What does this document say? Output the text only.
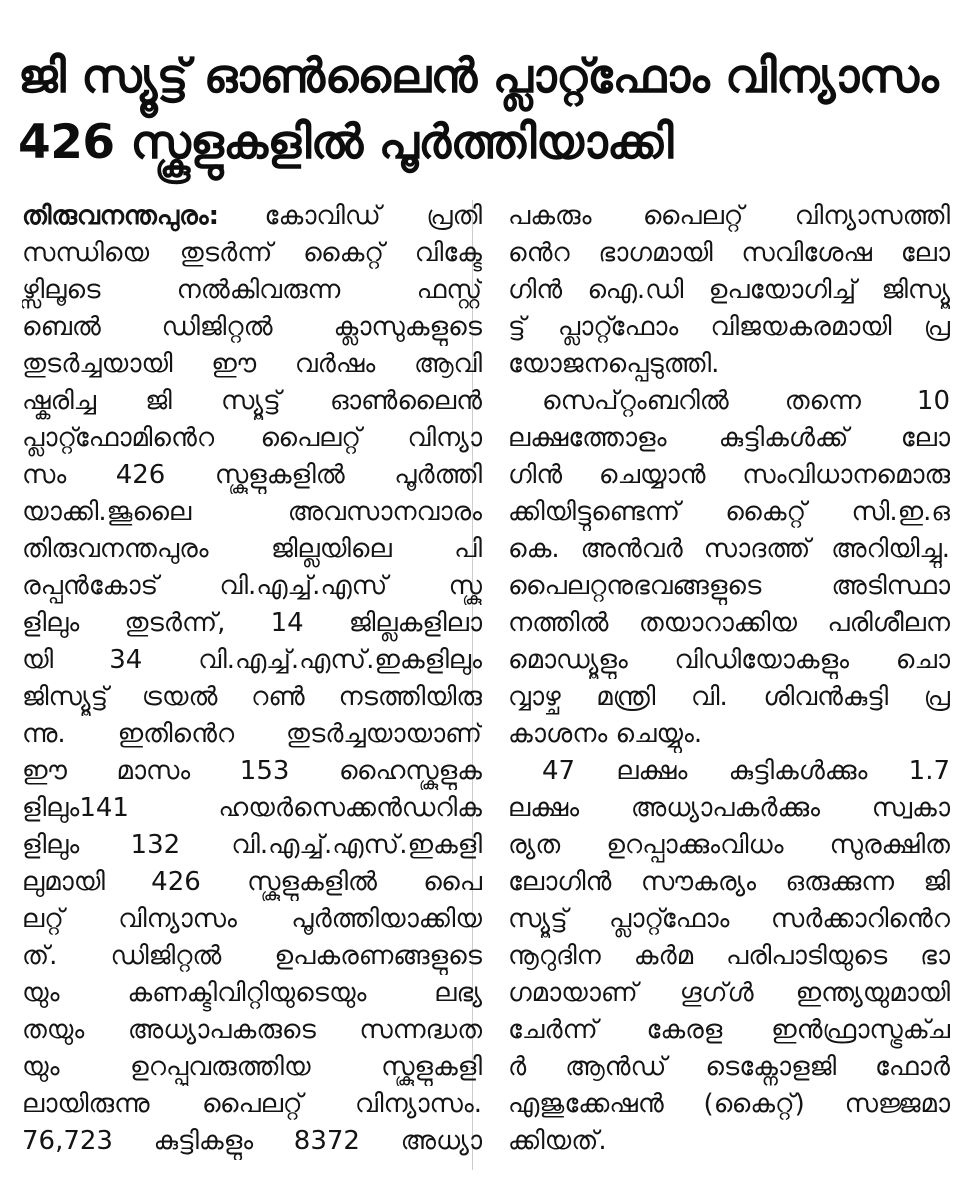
ജി സ്യൂട്ട് ഓൺലൈൻ പ്ലാറ്റ്ഫോം വിന്യാസം
426 സ്കൂളുകളിൽ പൂർത്തിയാക്കി
തിരുവനന്തപുരം: കോവിഡ് പ്രതി
സന്ധിയെ തുടർന്ന് കൈറ്റ് വിക്ടേ
ഴ്സിലൂടെ നൽകിവരുന്ന ഫസ്റ്റ്
ബെൽ ഡിജിറ്റൽ ക്ലാസുകളുടെ
തുടർച്ചയായി ഈ വർഷം ആവി
ഷ്കരിച്ച ജി സ്യൂട്ട് ഓൺലൈൻ
പ്ലാറ്റ്ഫോമിൻെറ പൈലറ്റ് വിന്യാ
സം 426 സ്കൂളുകളിൽ പൂർത്തി
യാക്കി.ജൂലൈ അവസാനവാരം
തിരുവനന്തപുരം ജില്ലയിലെ പി
രപ്പൻകോട് വി.എച്ച്.എസ് സ്കൂ
ളിലും തുടർന്ന്, 14 ജില്ലകളിലാ
യി 34 വി.എച്ച്.എസ്.ഇകളിലും
ജിസ്യൂട്ട് ട്രയൽ റൺ നടത്തിയിരു
ന്നു. ഇതിൻെറ തുടർച്ചയായാണ്
ഈ മാസം 153 ഹൈസ്കൂളുക
ളിലും141 ഹയർസെക്കൻഡറിക
ളിലും 132 വി.എച്ച്.എസ്.ഇകളി
ലുമായി 426 സ്കൂളുകളിൽ പൈ
ലറ്റ് വിന്യാസം പൂർത്തിയാക്കിയ
ത്. ഡിജിറ്റൽ ഉപകരണങ്ങളുടെ
യും കണക്ടിവിറ്റിയുടെയും ലഭ്യ
തയും അധ്യാപകരുടെ സന്നദ്ധത
യും ഉറപ്പുവരുത്തിയ സ്കൂളുകളി
ലായിരുന്നു പൈലറ്റ് വിന്യാസം.
76,723 കുട്ടികളും 8372 അധ്യാ
പകരും പൈലറ്റ് വിന്യാസത്തി
ൻെറ ഭാഗമായി സവിശേഷ ലോ
ഗിൻ ഐ.ഡി ഉപയോഗിച്ച് ജിസ്യൂ
ട്ട് പ്ലാറ്റ്ഫോം വിജയകരമായി പ്ര
യോജനപ്പെടുത്തി.
സെപ്റ്റംബറിൽ തന്നെ 10
ലക്ഷത്തോളം കുട്ടികൾക്ക് ലോ
ഗിൻ ചെയ്യാൻ സംവിധാനമൊരു
ക്കിയിട്ടുണ്ടെന്ന് കൈറ്റ് സി.ഇ.ഒ
കെ. അൻവർ സാദത്ത് അറിയിച്ചു.
പൈലറ്റനുഭവങ്ങളുടെ അടിസ്ഥാ
നത്തിൽ തയാറാക്കിയ പരിശീലന
മൊഡ്യൂളും വിഡിയോകളും ചൊ
വ്വാഴ്ച മന്ത്രി വി. ശിവൻകുട്ടി പ്ര
കാശനം ചെയ്യും.
47 ലക്ഷം കുട്ടികൾക്കും 1.7
ലക്ഷം അധ്യാപകർക്കും സ്വകാ
ര്യത ഉറപ്പാക്കുംവിധം സുരക്ഷിത
ലോഗിൻ സൗകര്യം ഒരുക്കുന്ന ജി
സ്യൂട്ട് പ്ലാറ്റ്ഫോം സർക്കാറിൻെറ
നൂറുദിന കർമ പരിപാടിയുടെ ഭാ
ഗമായാണ് ഗൂഗ്ൾ ഇന്ത്യയുമായി
ചേർന്ന് കേരള ഇൻഫ്രാസ്ട്രക്ച
ർ ആൻഡ് ടെക്നോളജി ഫോർ
എജുക്കേഷൻ (കൈറ്റ്) സജ്ജമാ
ക്കിയത്.
